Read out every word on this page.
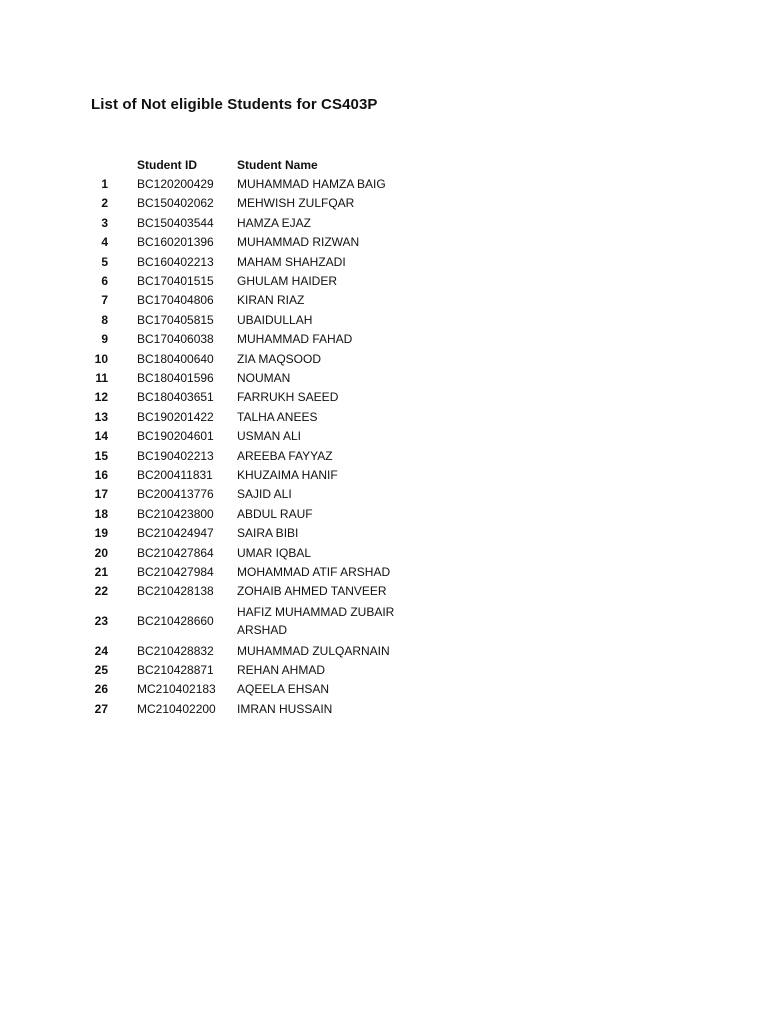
List of Not eligible Students for CS403P
	Student ID	Student Name
1	BC120200429	MUHAMMAD HAMZA BAIG
2	BC150402062	MEHWISH ZULFQAR
3	BC150403544	HAMZA EJAZ
4	BC160201396	MUHAMMAD RIZWAN
5	BC160402213	MAHAM SHAHZADI
6	BC170401515	GHULAM HAIDER
7	BC170404806	KIRAN RIAZ
8	BC170405815	UBAIDULLAH
9	BC170406038	MUHAMMAD FAHAD
10	BC180400640	ZIA MAQSOOD
11	BC180401596	NOUMAN
12	BC180403651	FARRUKH SAEED
13	BC190201422	TALHA ANEES
14	BC190204601	USMAN ALI
15	BC190402213	AREEBA FAYYAZ
16	BC200411831	KHUZAIMA HANIF
17	BC200413776	SAJID ALI
18	BC210423800	ABDUL RAUF
19	BC210424947	SAIRA BIBI
20	BC210427864	UMAR IQBAL
21	BC210427984	MOHAMMAD ATIF ARSHAD
22	BC210428138	ZOHAIB AHMED TANVEER
23	BC210428660	HAFIZ MUHAMMAD ZUBAIR ARSHAD
24	BC210428832	MUHAMMAD ZULQARNAIN
25	BC210428871	REHAN AHMAD
26	MC210402183	AQEELA EHSAN
27	MC210402200	IMRAN HUSSAIN
